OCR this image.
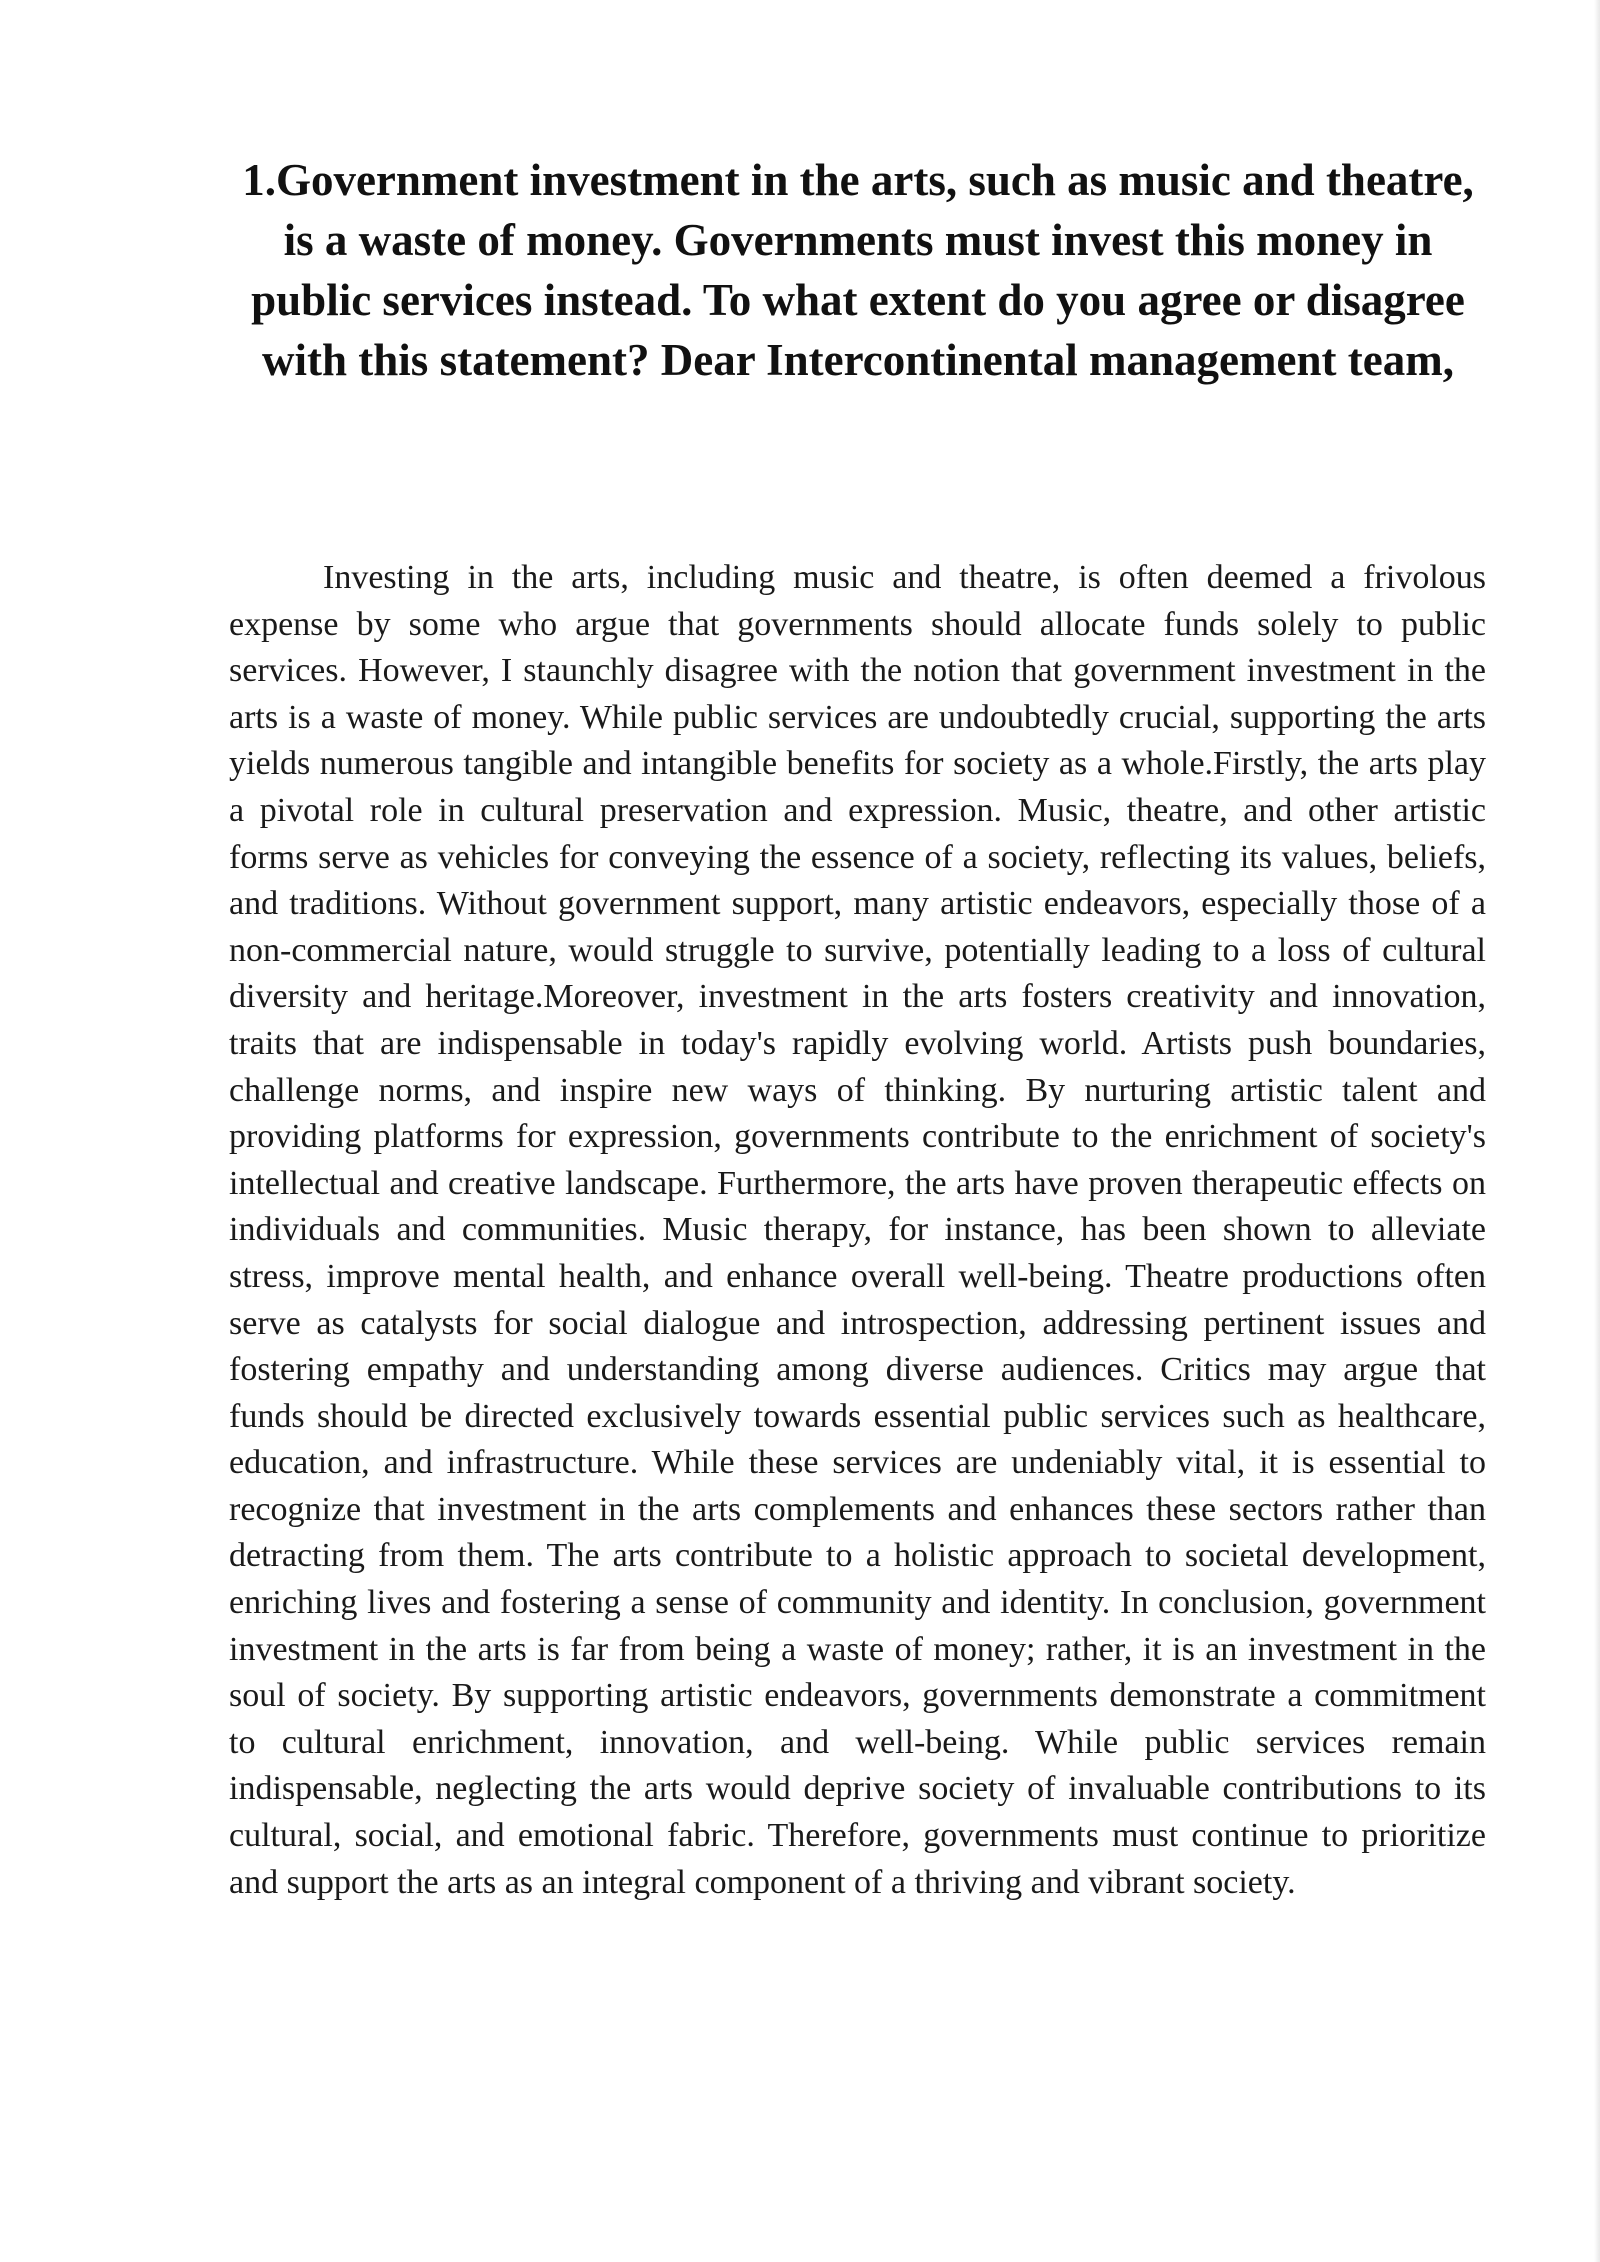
1.Government investment in the arts, such as music and theatre, is a waste of money. Governments must invest this money in public services instead. To what extent do you agree or disagree with this statement? Dear Intercontinental management team,

Investing in the arts, including music and theatre, is often deemed a frivolous expense by some who argue that governments should allocate funds solely to public services. However, I staunchly disagree with the notion that government investment in the arts is a waste of money. While public services are undoubtedly crucial, supporting the arts yields numerous tangible and intangible benefits for society as a whole.Firstly, the arts play a pivotal role in cultural preservation and expression. Music, theatre, and other artistic forms serve as vehicles for conveying the essence of a society, reflecting its values, beliefs, and traditions. Without government support, many artistic endeavors, especially those of a non-commercial nature, would struggle to survive, potentially leading to a loss of cultural diversity and heritage.Moreover, investment in the arts fosters creativity and innovation, traits that are indispensable in today's rapidly evolving world. Artists push boundaries, challenge norms, and inspire new ways of thinking. By nurturing artistic talent and providing platforms for expression, governments contribute to the enrichment of society's intellectual and creative landscape. Furthermore, the arts have proven therapeutic effects on individuals and communities. Music therapy, for instance, has been shown to alleviate stress, improve mental health, and enhance overall well-being. Theatre productions often serve as catalysts for social dialogue and introspection, addressing pertinent issues and fostering empathy and understanding among diverse audiences. Critics may argue that funds should be directed exclusively towards essential public services such as healthcare, education, and infrastructure. While these services are undeniably vital, it is essential to recognize that investment in the arts complements and enhances these sectors rather than detracting from them. The arts contribute to a holistic approach to societal development, enriching lives and fostering a sense of community and identity. In conclusion, government investment in the arts is far from being a waste of money; rather, it is an investment in the soul of society. By supporting artistic endeavors, governments demonstrate a commitment to cultural enrichment, innovation, and well-being. While public services remain indispensable, neglecting the arts would deprive society of invaluable contributions to its cultural, social, and emotional fabric. Therefore, governments must continue to prioritize and support the arts as an integral component of a thriving and vibrant society.
